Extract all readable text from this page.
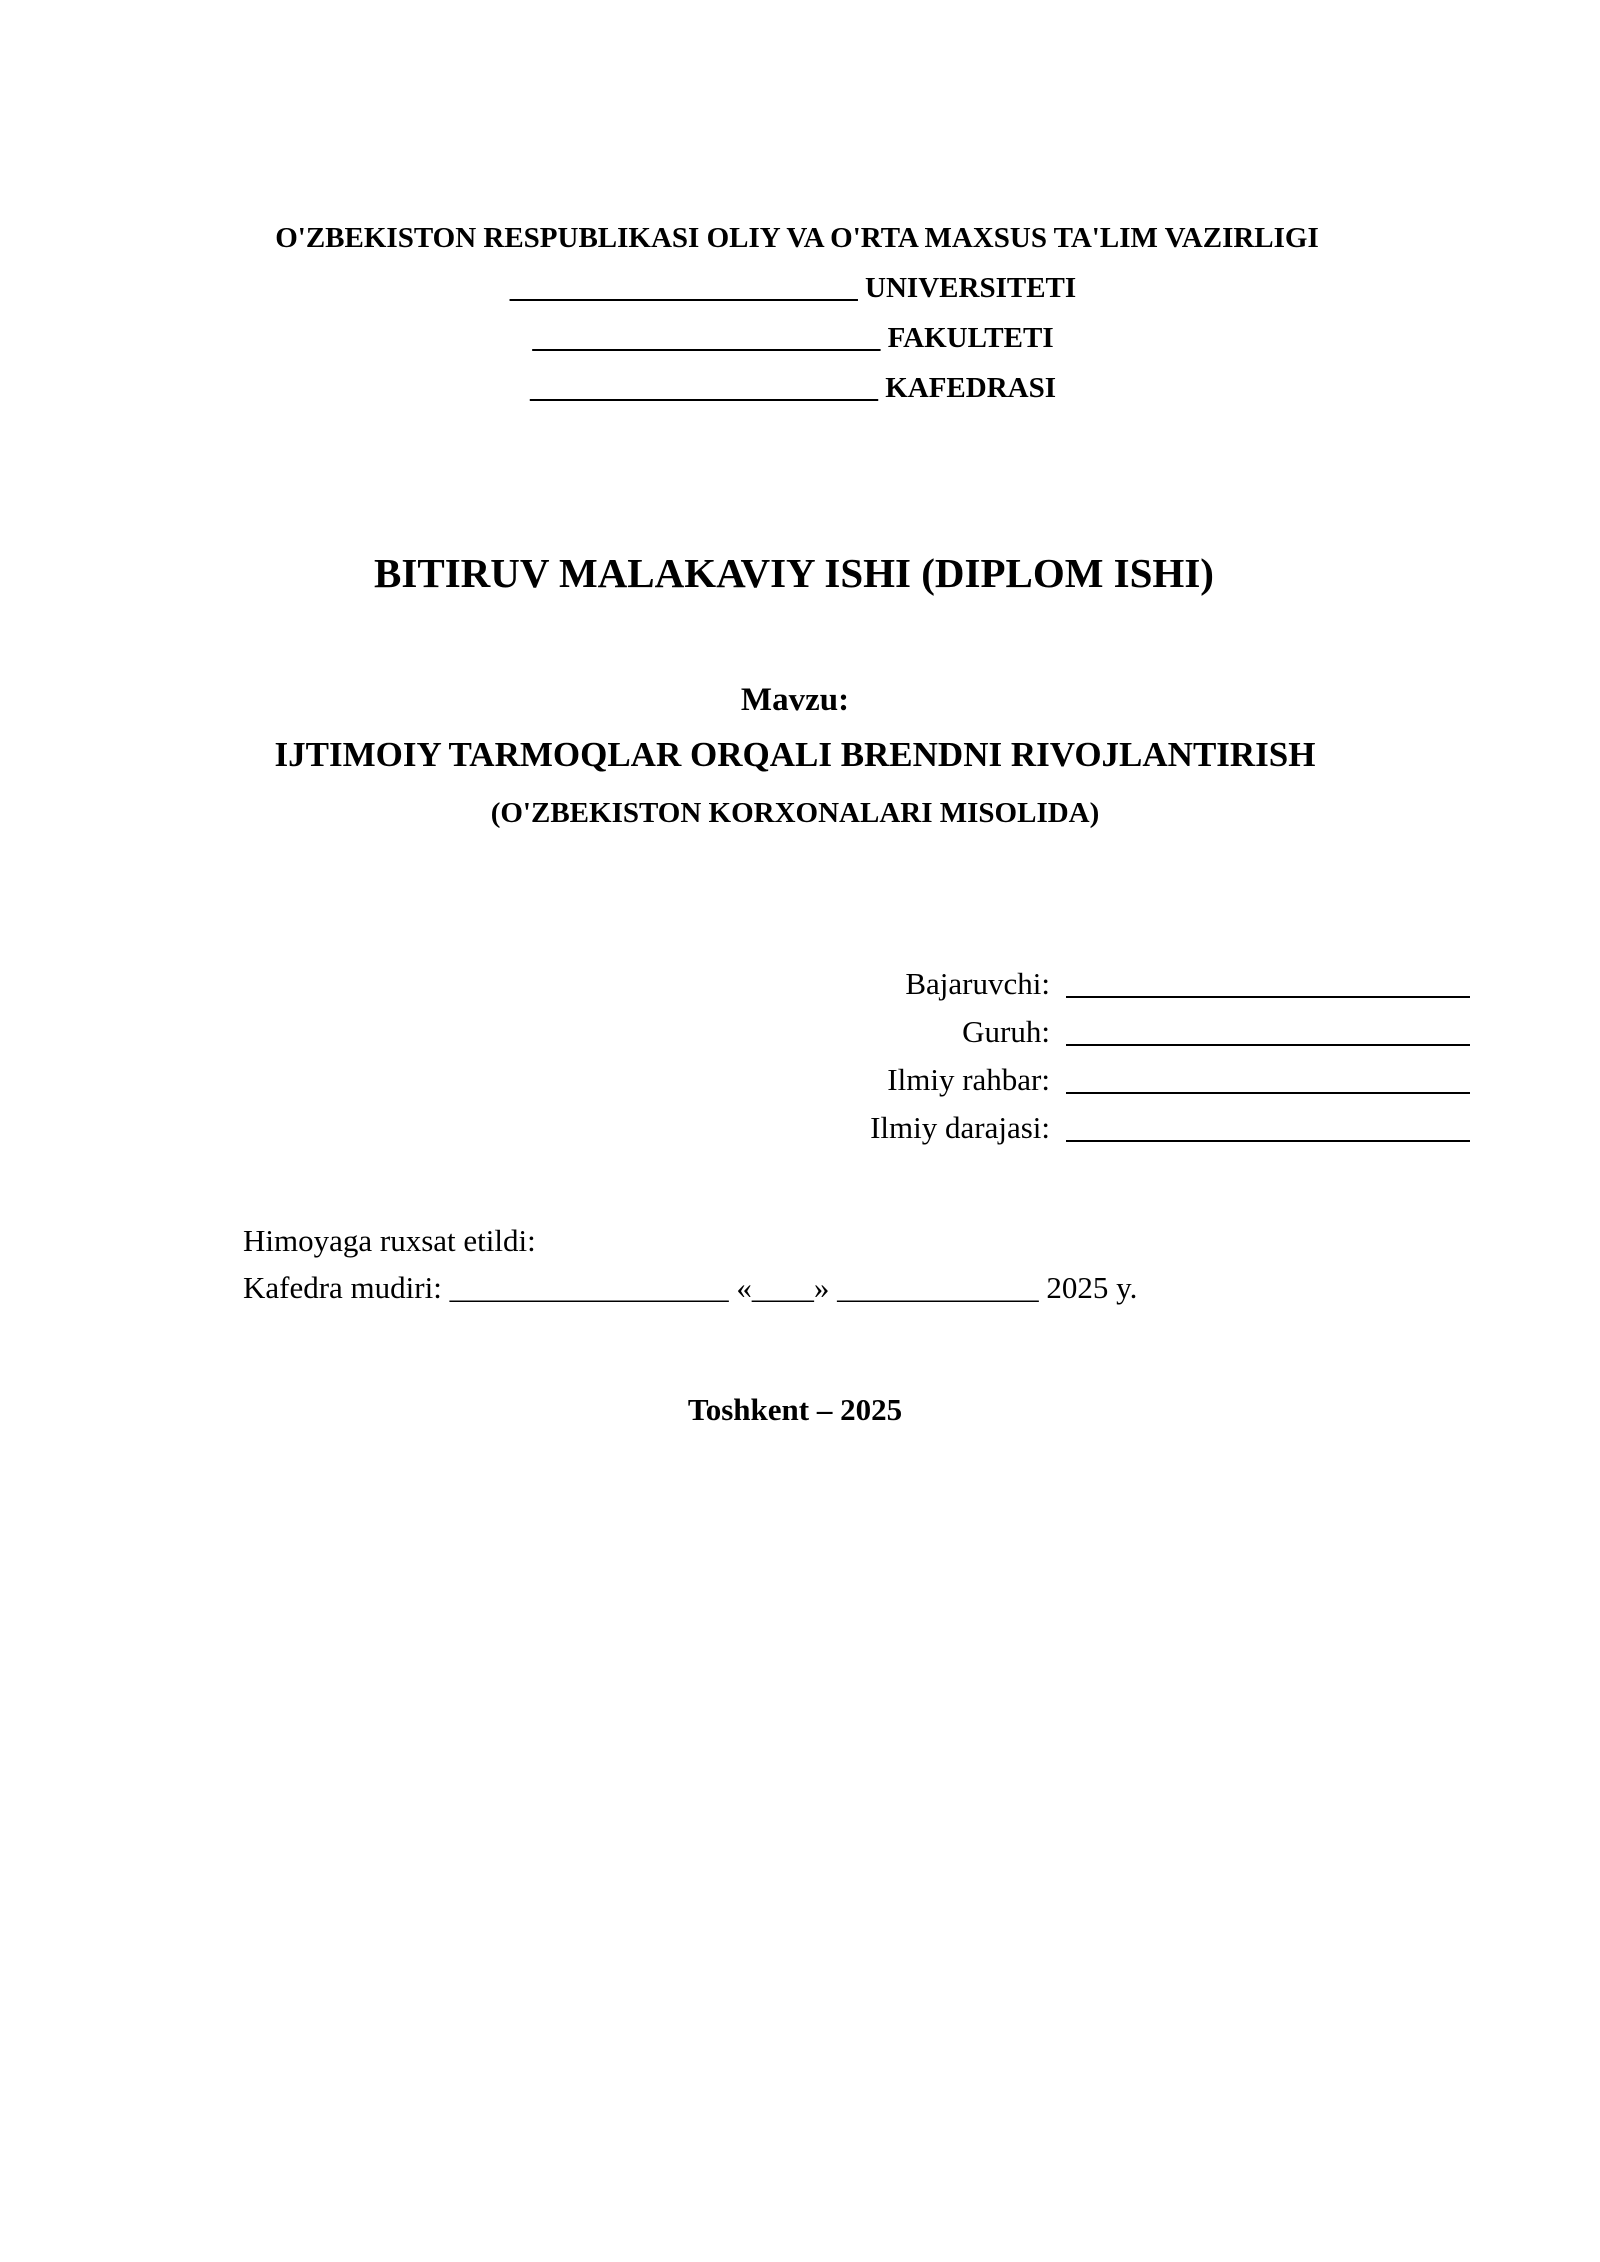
O'ZBEKISTON RESPUBLIKASI OLIY VA O'RTA MAXSUS TA'LIM VAZIRLIGI
________________________ UNIVERSITETI
________________________ FAKULTETI
________________________ KAFEDRASI
BITIRUV MALAKAVIY ISHI (DIPLOM ISHI)
Mavzu:
IJTIMOIY TARMOQLAR ORQALI BRENDNI RIVOJLANTIRISH
(O'ZBEKISTON KORXONALARI MISOLIDA)
Bajaruvchi:
Guruh:
Ilmiy rahbar:
Ilmiy darajasi:
Himoyaga ruxsat etildi:
Kafedra mudiri: __________________ «____» _____________ 2025 y.
Toshkent – 2025
